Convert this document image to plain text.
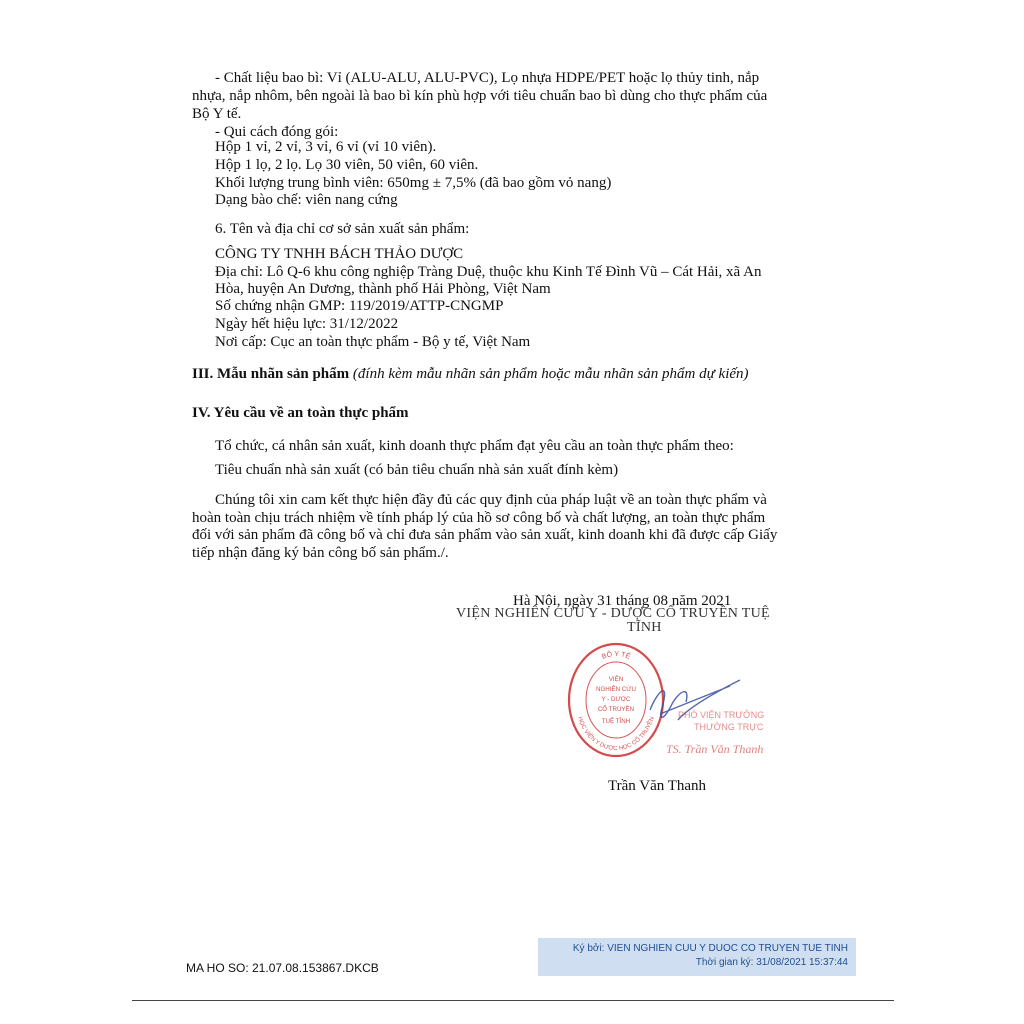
- Chất liệu bao bì: Vỉ (ALU-ALU, ALU-PVC), Lọ nhựa HDPE/PET hoặc lọ thủy tinh, nắp
nhựa, nắp nhôm, bên ngoài là bao bì kín phù hợp với tiêu chuẩn bao bì dùng cho thực phẩm của
Bộ Y tế.
- Qui cách đóng gói:
Hộp 1 vỉ, 2 vỉ, 3 vỉ, 6 vỉ (vỉ 10 viên).
Hộp 1 lọ, 2 lọ. Lọ 30 viên, 50 viên, 60 viên.
Khối lượng trung bình viên: 650mg ± 7,5% (đã bao gồm vỏ nang)
Dạng bào chế: viên nang cứng
6. Tên và địa chỉ cơ sở sản xuất sản phẩm:
CÔNG TY TNHH BÁCH THẢO DƯỢC
Địa chỉ: Lô Q-6 khu công nghiệp Tràng Duệ, thuộc khu Kinh Tế Đình Vũ – Cát Hải, xã An
Hòa, huyện An Dương, thành phố Hải Phòng, Việt Nam
Số chứng nhận GMP: 119/2019/ATTP-CNGMP
Ngày hết hiệu lực: 31/12/2022
Nơi cấp: Cục an toàn thực phẩm - Bộ y tế, Việt Nam
III. Mẫu nhãn sản phẩm (đính kèm mẫu nhãn sản phẩm hoặc mẫu nhãn sản phẩm dự kiến)
IV. Yêu cầu về an toàn thực phẩm
Tổ chức, cá nhân sản xuất, kinh doanh thực phẩm đạt yêu cầu an toàn thực phẩm theo:
Tiêu chuẩn nhà sản xuất (có bản tiêu chuẩn nhà sản xuất đính kèm)
Chúng tôi xin cam kết thực hiện đầy đủ các quy định của pháp luật về an toàn thực phẩm và
hoàn toàn chịu trách nhiệm về tính pháp lý của hồ sơ công bố và chất lượng, an toàn thực phẩm
đối với sản phẩm đã công bố và chỉ đưa sản phẩm vào sản xuất, kinh doanh khi đã được cấp Giấy
tiếp nhận đăng ký bản công bố sản phẩm./.
Hà Nội, ngày 31 tháng 08 năm 2021
VIỆN NGHIÊN CỨU Y - DƯỢC CỔ TRUYỀN TUỆ
TĨNH
BỘ Y TẾ
HỌC VIỆN Y DƯỢC HỌC CỔ TRUYỀN
VIỆN
NGHIÊN CỨU
Y - DƯỢC
CỔ TRUYỀN
TUỆ TĨNH
PHÓ VIỆN TRƯỞNG
THƯỜNG TRỰC
TS. Trần Văn Thanh
Trần Văn Thanh
MA HO SO: 21.07.08.153867.DKCB
Ký bởi: VIEN NGHIEN CUU Y DUOC CO TRUYEN TUE TINH
Thời gian ký: 31/08/2021 15:37:44
